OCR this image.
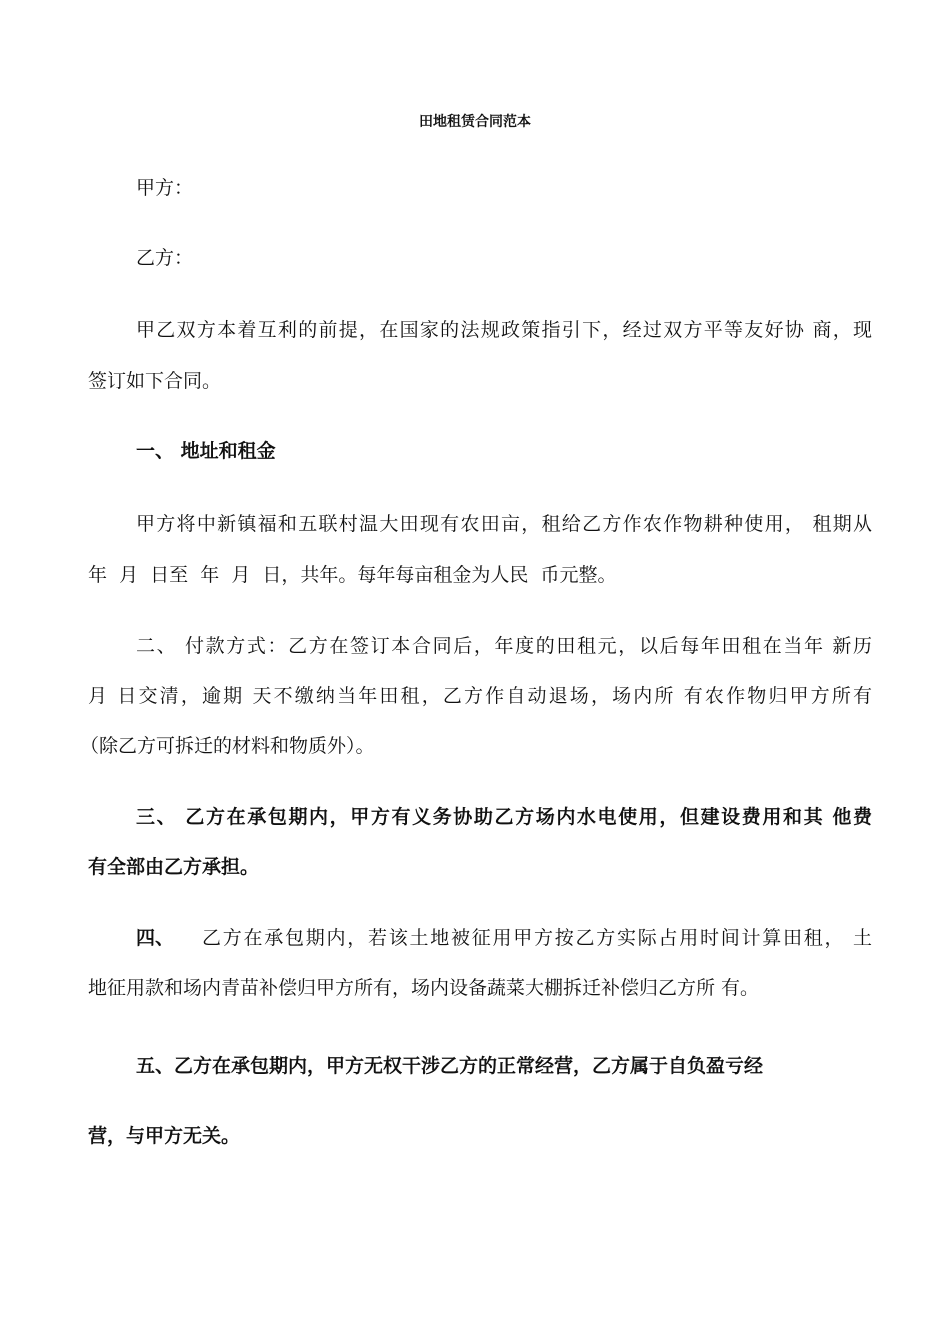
田地租赁合同范本
甲方：
乙方：
甲乙双方本着互利的前提，在国家的法规政策指引下，经过双方平等友好协 商，现
签订如下合同。
一、 地址和租金
甲方将中新镇福和五联村温大田现有农田亩，租给乙方作农作物耕种使用， 租期从
年  月  日至  年  月  日，共年。每年每亩租金为人民  币元整。
二、 付款方式：乙方在签订本合同后，年度的田租元，以后每年田租在当年 新历
月 日交清，逾期 天不缴纳当年田租，乙方作自动退场，场内所 有农作物归甲方所有
（除乙方可拆迁的材料和物质外）。
三、 乙方在承包期内，甲方有义务协助乙方场内水电使用，但建设费用和其 他费
有全部由乙方承担。
四、 乙方在承包期内，若该土地被征用甲方按乙方实际占用时间计算田租， 土
地征用款和场内青苗补偿归甲方所有，场内设备蔬菜大棚拆迁补偿归乙方所 有。
五、乙方在承包期内，甲方无权干涉乙方的正常经营，乙方属于自负盈亏经
营，与甲方无关。
